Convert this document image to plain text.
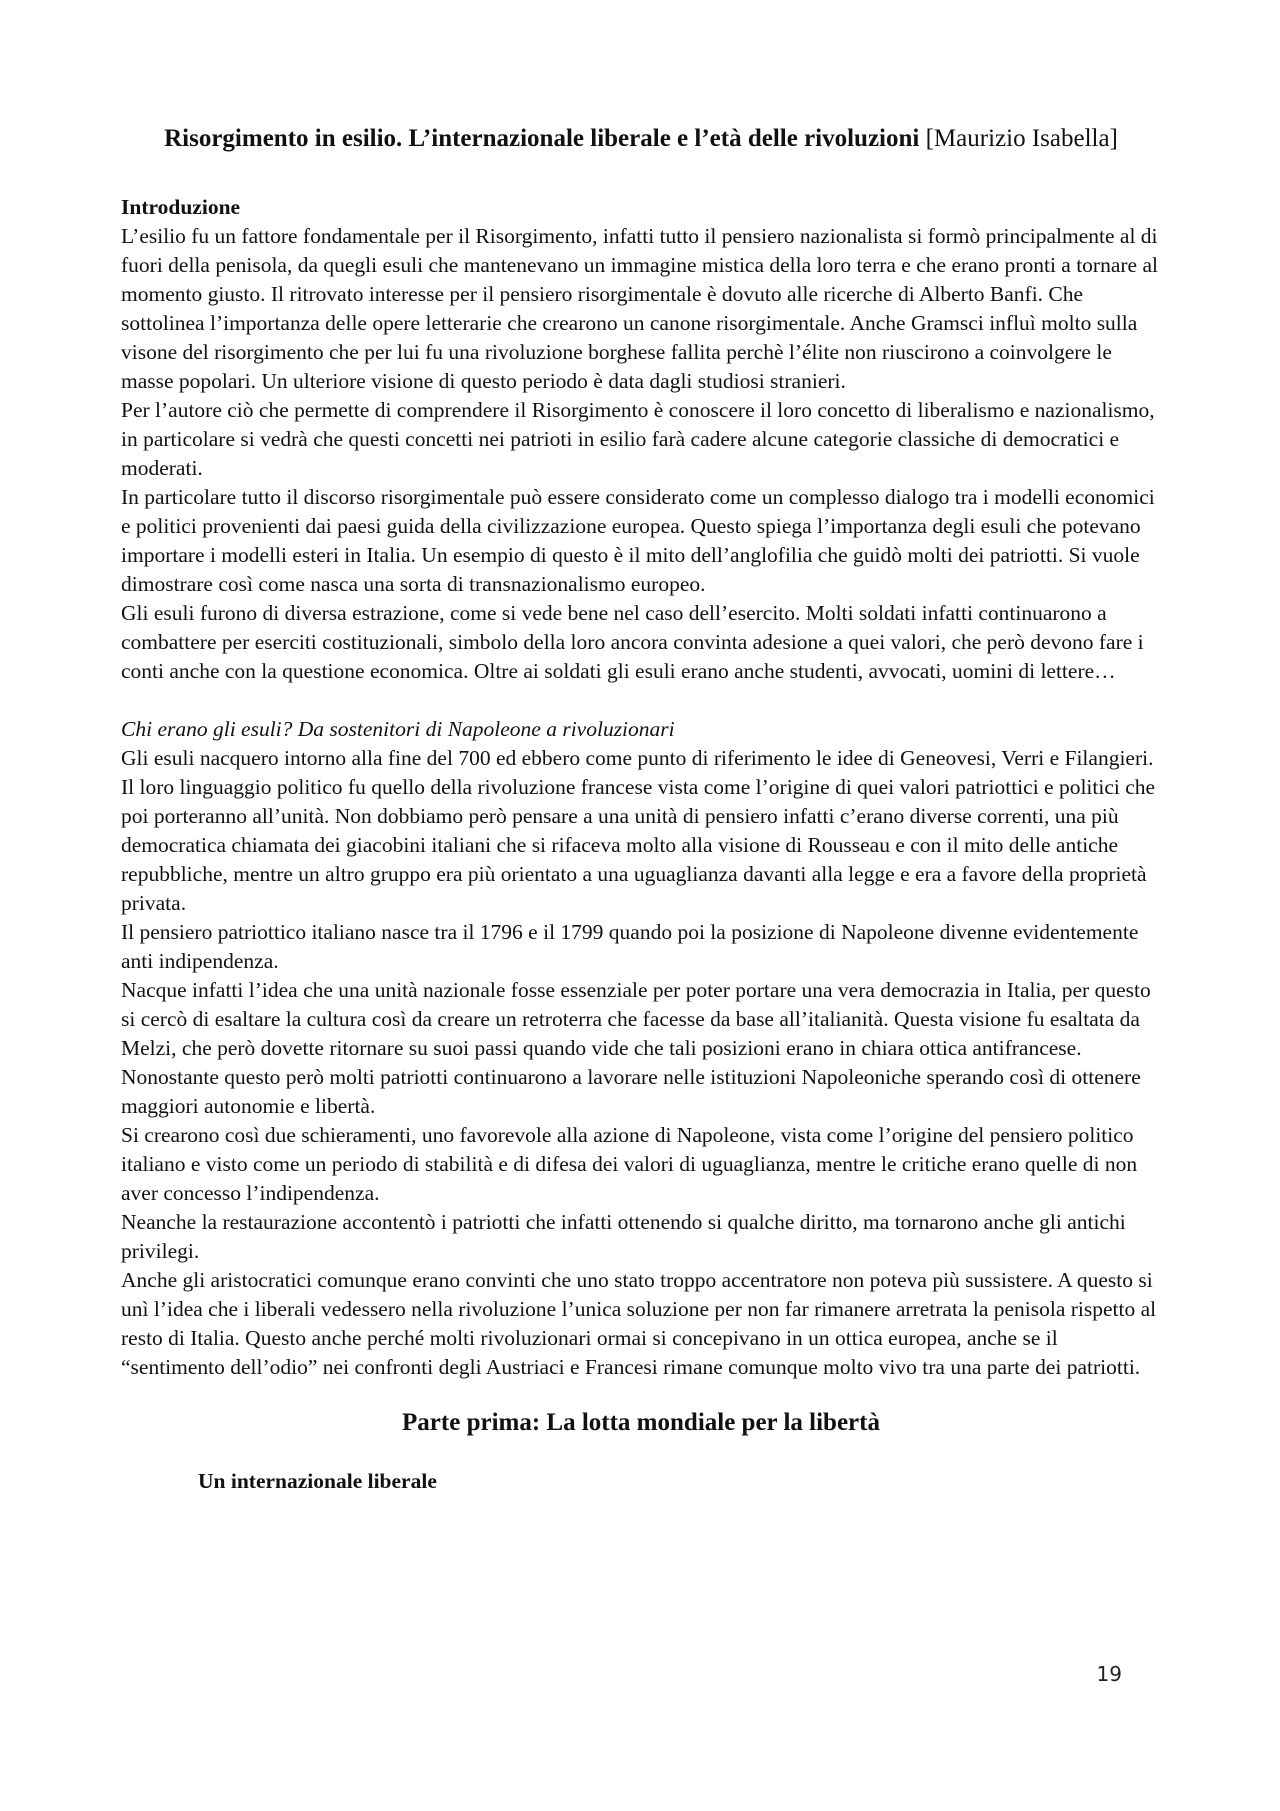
Risorgimento in esilio. L’internazionale liberale e l’età delle rivoluzioni [Maurizio Isabella]

Introduzione

L’esilio fu un fattore fondamentale per il Risorgimento, infatti tutto il pensiero nazionalista si formò principalmente al di fuori della penisola, da quegli esuli che mantenevano un immagine mistica della loro terra e che erano pronti a tornare al momento giusto. Il ritrovato interesse per il pensiero risorgimentale è dovuto alle ricerche di Alberto Banfi. Che sottolinea l’importanza delle opere letterarie che crearono un canone risorgimentale. Anche Gramsci influì molto sulla visone del risorgimento che per lui fu una rivoluzione borghese fallita perchè l’élite non riuscirono a coinvolgere le masse popolari. Un ulteriore visione di questo periodo è data dagli studiosi stranieri.

Per l’autore ciò che permette di comprendere il Risorgimento è conoscere il loro concetto di liberalismo e nazionalismo, in particolare si vedrà che questi concetti nei patrioti in esilio farà cadere alcune categorie classiche di democratici e moderati.

In particolare tutto il discorso risorgimentale può essere considerato come un complesso dialogo tra i modelli economici e politici provenienti dai paesi guida della civilizzazione europea. Questo spiega l’importanza degli esuli che potevano importare i modelli esteri in Italia. Un esempio di questo è il mito dell’anglofilia che guidò molti dei patriotti. Si vuole dimostrare così come nasca una sorta di transnazionalismo europeo.

Gli esuli furono di diversa estrazione, come si vede bene nel caso dell’esercito. Molti soldati infatti continuarono a combattere per eserciti costituzionali, simbolo della loro ancora convinta adesione a quei valori, che però devono fare i conti anche con la questione economica. Oltre ai soldati gli esuli erano anche studenti, avvocati, uomini di lettere…

Chi erano gli esuli? Da sostenitori di Napoleone a rivoluzionari

Gli esuli nacquero intorno alla fine del 700 ed ebbero come punto di riferimento le idee di Geneovesi, Verri e Filangieri.

Il loro linguaggio politico fu quello della rivoluzione francese vista come l’origine di quei valori patriottici e politici che poi porteranno all’unità. Non dobbiamo però pensare a una unità di pensiero infatti c’erano diverse correnti, una più democratica chiamata dei giacobini italiani che si rifaceva molto alla visione di Rousseau e con il mito delle antiche repubbliche, mentre un altro gruppo era più orientato a una uguaglianza davanti alla legge e era a favore della proprietà privata.

Il pensiero patriottico italiano nasce tra il 1796 e il 1799 quando poi la posizione di Napoleone divenne evidentemente anti indipendenza.

Nacque infatti l’idea che una unità nazionale fosse essenziale per poter portare una vera democrazia in Italia, per questo si cercò di esaltare la cultura così da creare un retroterra che facesse da base all’italianità. Questa visione fu esaltata da Melzi, che però dovette ritornare su suoi passi quando vide che tali posizioni erano in chiara ottica antifrancese. Nonostante questo però molti patriotti continuarono a lavorare nelle istituzioni Napoleoniche sperando così di ottenere maggiori autonomie e libertà.

Si crearono così due schieramenti, uno favorevole alla azione di Napoleone, vista come l’origine del pensiero politico italiano e visto come un periodo di stabilità e di difesa dei valori di uguaglianza, mentre le critiche erano quelle di non aver concesso l’indipendenza.

Neanche la restaurazione accontentò i patriotti che infatti ottenendo si qualche diritto, ma tornarono anche gli antichi privilegi.

Anche gli aristocratici comunque erano convinti che uno stato troppo accentratore non poteva più sussistere. A questo si unì l’idea che i liberali vedessero nella rivoluzione l’unica soluzione per non far rimanere arretrata la penisola rispetto al resto di Italia. Questo anche perché molti rivoluzionari ormai si concepivano in un ottica europea, anche se il “sentimento dell’odio” nei confronti degli Austriaci e Francesi rimane comunque molto vivo tra una parte dei patriotti.

Parte prima: La lotta mondiale per la libertà

Un internazionale liberale

19
